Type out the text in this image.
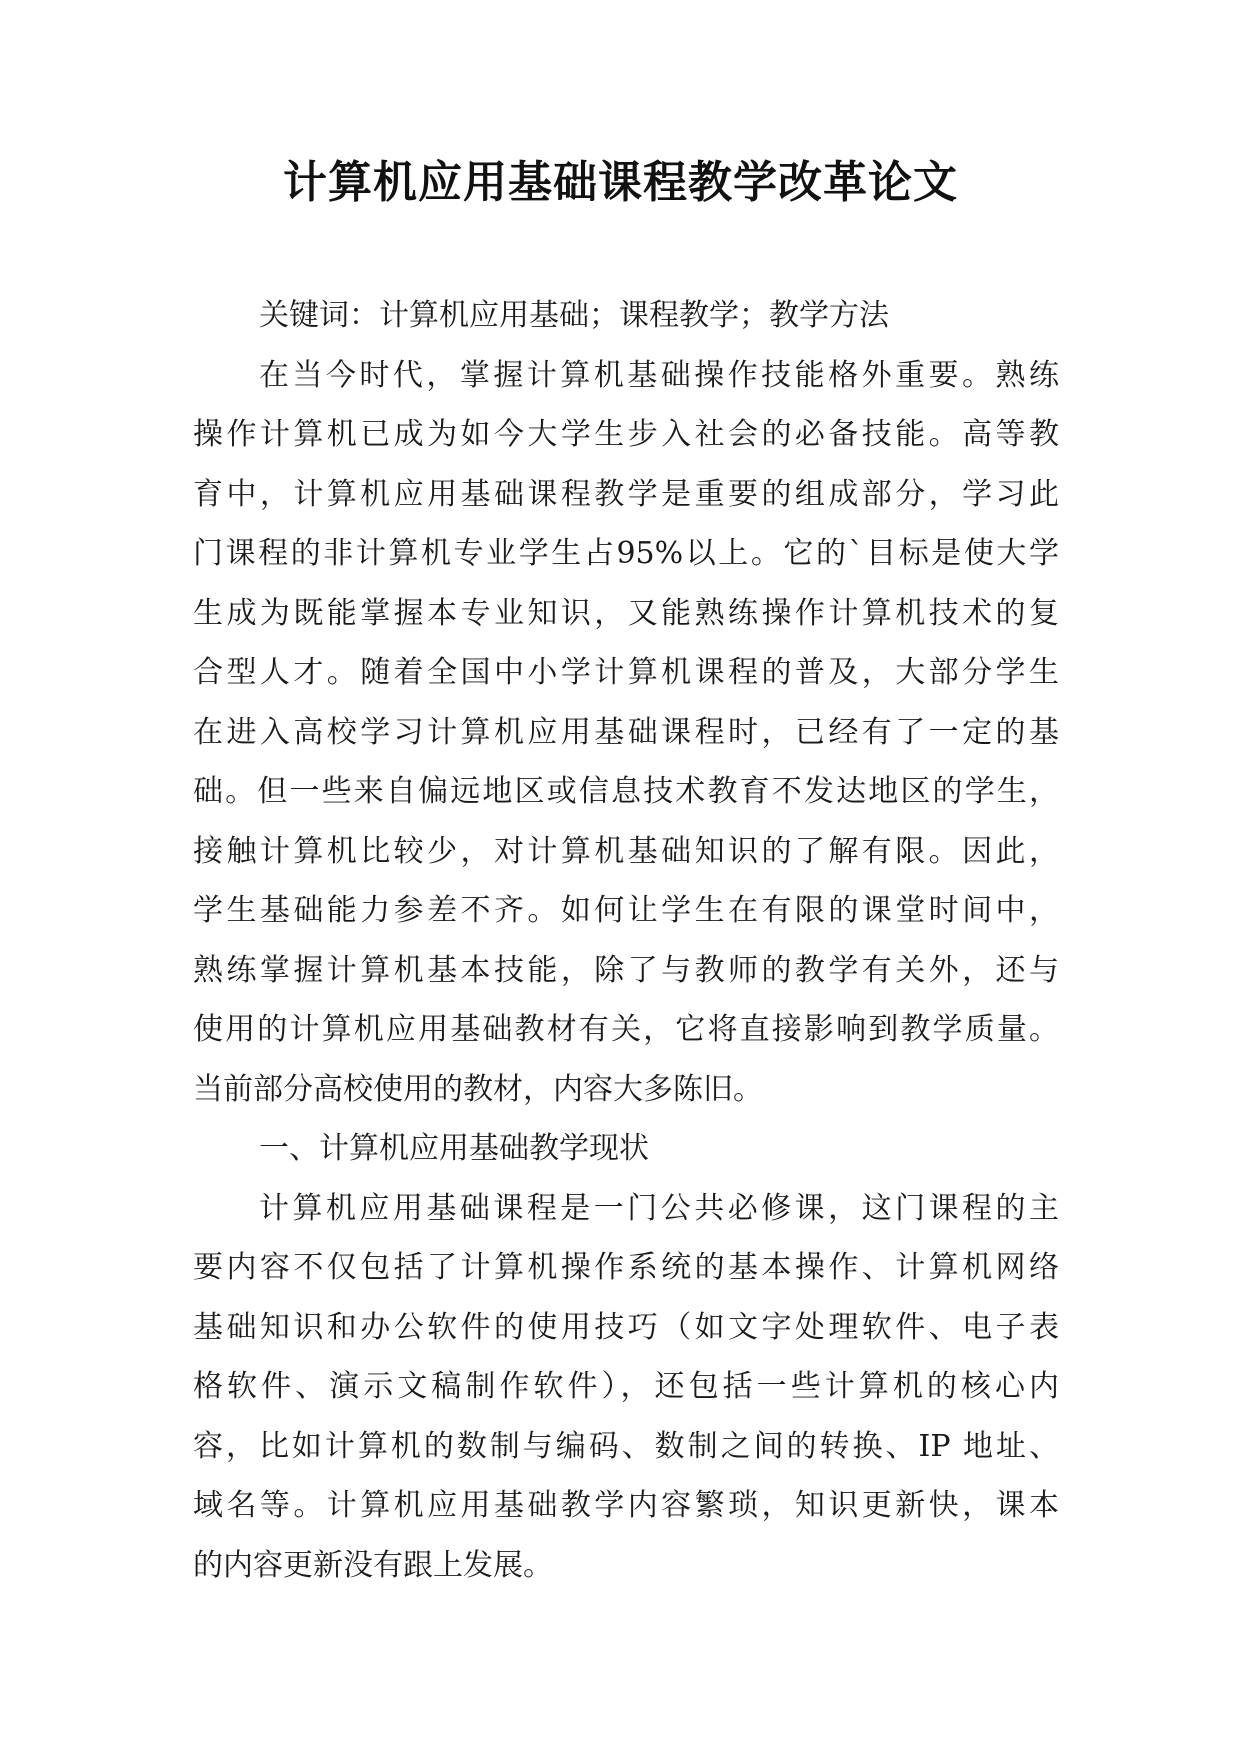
计算机应用基础课程教学改革论文
关键词：计算机应用基础；课程教学；教学方法
在当今时代，掌握计算机基础操作技能格外重要。熟练
操作计算机已成为如今大学生步入社会的必备技能。高等教
育中，计算机应用基础课程教学是重要的组成部分，学习此
门课程的非计算机专业学生占95%以上。它的`目标是使大学
生成为既能掌握本专业知识，又能熟练操作计算机技术的复
合型人才。随着全国中小学计算机课程的普及，大部分学生
在进入高校学习计算机应用基础课程时，已经有了一定的基
础。但一些来自偏远地区或信息技术教育不发达地区的学生，
接触计算机比较少，对计算机基础知识的了解有限。因此，
学生基础能力参差不齐。如何让学生在有限的课堂时间中，
熟练掌握计算机基本技能，除了与教师的教学有关外，还与
使用的计算机应用基础教材有关，它将直接影响到教学质量。
当前部分高校使用的教材，内容大多陈旧。
一、计算机应用基础教学现状
计算机应用基础课程是一门公共必修课，这门课程的主
要内容不仅包括了计算机操作系统的基本操作、计算机网络
基础知识和办公软件的使用技巧（如文字处理软件、电子表
格软件、演示文稿制作软件），还包括一些计算机的核心内
容，比如计算机的数制与编码、数制之间的转换、IP 地址、
域名等。计算机应用基础教学内容繁琐，知识更新快，课本
的内容更新没有跟上发展。
